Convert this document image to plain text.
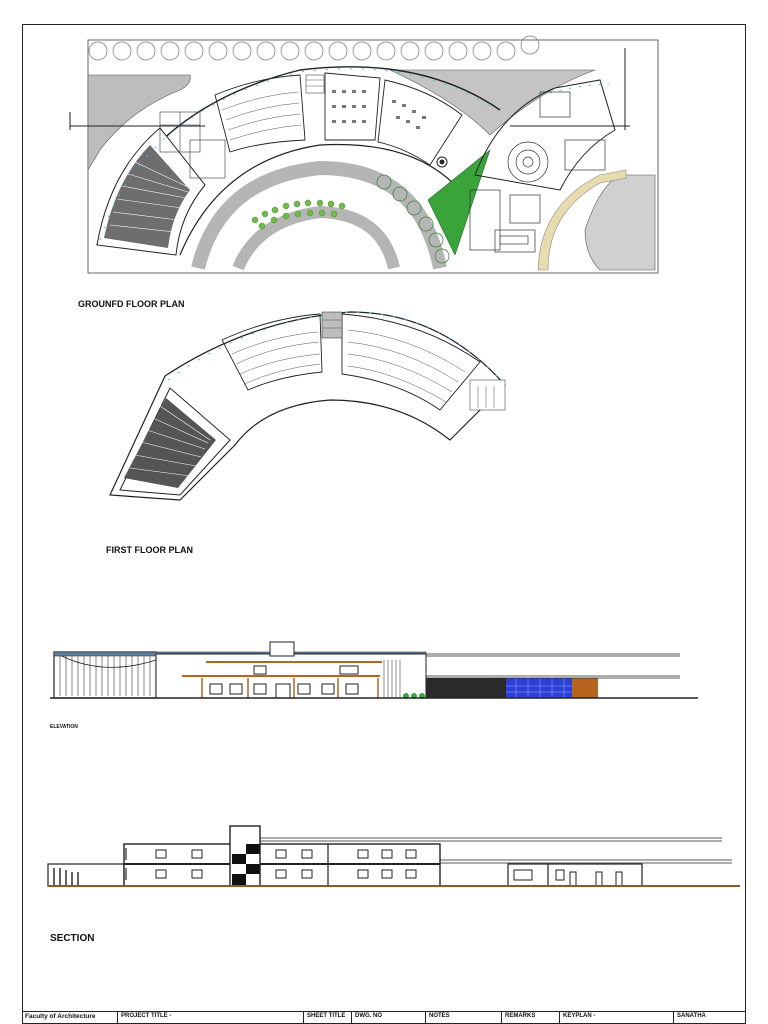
GROUNFD FLOOR PLAN
FIRST FLOOR PLAN
ELEVATION
SECTION
Faculty of Architecture	PROJECT TITLE -	SHEET TITLE	DWG. NO	NOTES	REMARKS	KEYPLAN -	SANATHA
